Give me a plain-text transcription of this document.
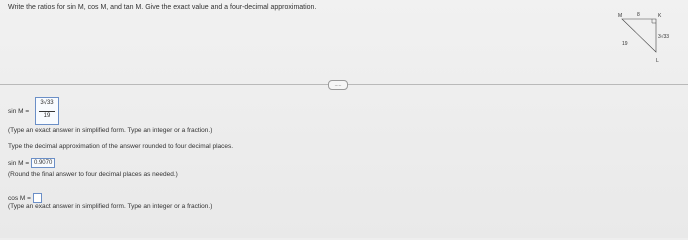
Write the ratios for sin M, cos M, and tan M. Give the exact value and a four-decimal approximation.
M	K
L
8
19
3√33
.....
sin M =
3√33
19
(Type an exact answer in simplified form. Type an integer or a fraction.)
Type the decimal approximation of the answer rounded to four decimal places.
sin M = 0.9070
(Round the final answer to four decimal places as needed.)
cos M =
(Type an exact answer in simplified form. Type an integer or a fraction.)
